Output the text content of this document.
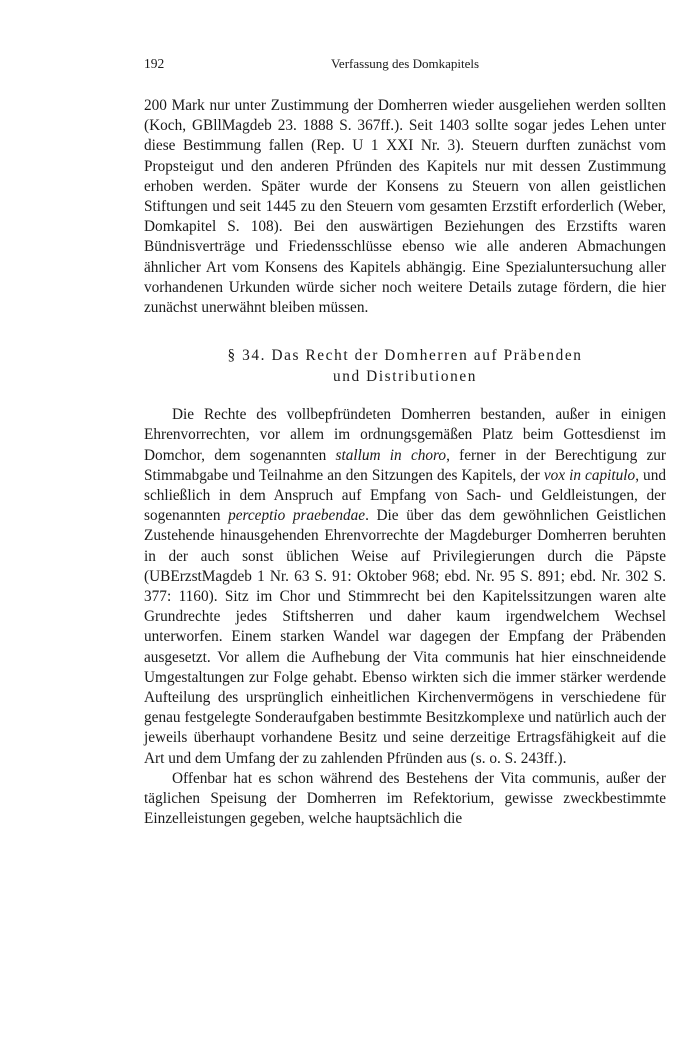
192	Verfassung des Domkapitels

200 Mark nur unter Zustimmung der Domherren wieder ausgeliehen werden sollten (Koch, GBllMagdeb 23. 1888 S. 367ff.). Seit 1403 sollte sogar jedes Lehen unter diese Bestimmung fallen (Rep. U 1 XXI Nr. 3). Steuern durften zunächst vom Propsteigut und den anderen Pfründen des Kapitels nur mit dessen Zustimmung erhoben werden. Später wurde der Konsens zu Steuern von allen geistlichen Stiftungen und seit 1445 zu den Steuern vom gesamten Erzstift erforderlich (Weber, Domkapitel S. 108). Bei den auswärtigen Beziehungen des Erzstifts waren Bündnisverträge und Friedensschlüsse ebenso wie alle anderen Abmachungen ähnlicher Art vom Konsens des Kapitels abhängig. Eine Spezialuntersuchung aller vorhandenen Urkunden würde sicher noch weitere Details zutage fördern, die hier zunächst unerwähnt bleiben müssen.

§ 34. Das Recht der Domherren auf Präbenden
und Distributionen

Die Rechte des vollbepfründeten Domherren bestanden, außer in einigen Ehrenvorrechten, vor allem im ordnungsgemäßen Platz beim Gottesdienst im Domchor, dem sogenannten stallum in choro, ferner in der Berechtigung zur Stimmabgabe und Teilnahme an den Sitzungen des Kapitels, der vox in capitulo, und schließlich in dem Anspruch auf Empfang von Sach- und Geldleistungen, der sogenannten perceptio praebendae. Die über das dem gewöhnlichen Geistlichen Zustehende hinausgehenden Ehrenvorrechte der Magdeburger Domherren beruhten in der auch sonst üblichen Weise auf Privilegierungen durch die Päpste (UBErzstMagdeb 1 Nr. 63 S. 91: Oktober 968; ebd. Nr. 95 S. 891; ebd. Nr. 302 S. 377: 1160). Sitz im Chor und Stimmrecht bei den Kapitelssitzungen waren alte Grundrechte jedes Stiftsherren und daher kaum irgendwelchem Wechsel unterworfen. Einem starken Wandel war dagegen der Empfang der Präbenden ausgesetzt. Vor allem die Aufhebung der Vita communis hat hier einschneidende Umgestaltungen zur Folge gehabt. Ebenso wirkten sich die immer stärker werdende Aufteilung des ursprünglich einheitlichen Kirchenvermögens in verschiedene für genau festgelegte Sonderaufgaben bestimmte Besitzkomplexe und natürlich auch der jeweils überhaupt vorhandene Besitz und seine derzeitige Ertragsfähigkeit auf die Art und dem Umfang der zu zahlenden Pfründen aus (s. o. S. 243ff.).

Offenbar hat es schon während des Bestehens der Vita communis, außer der täglichen Speisung der Domherren im Refektorium, gewisse zweckbestimmte Einzelleistungen gegeben, welche hauptsächlich die
